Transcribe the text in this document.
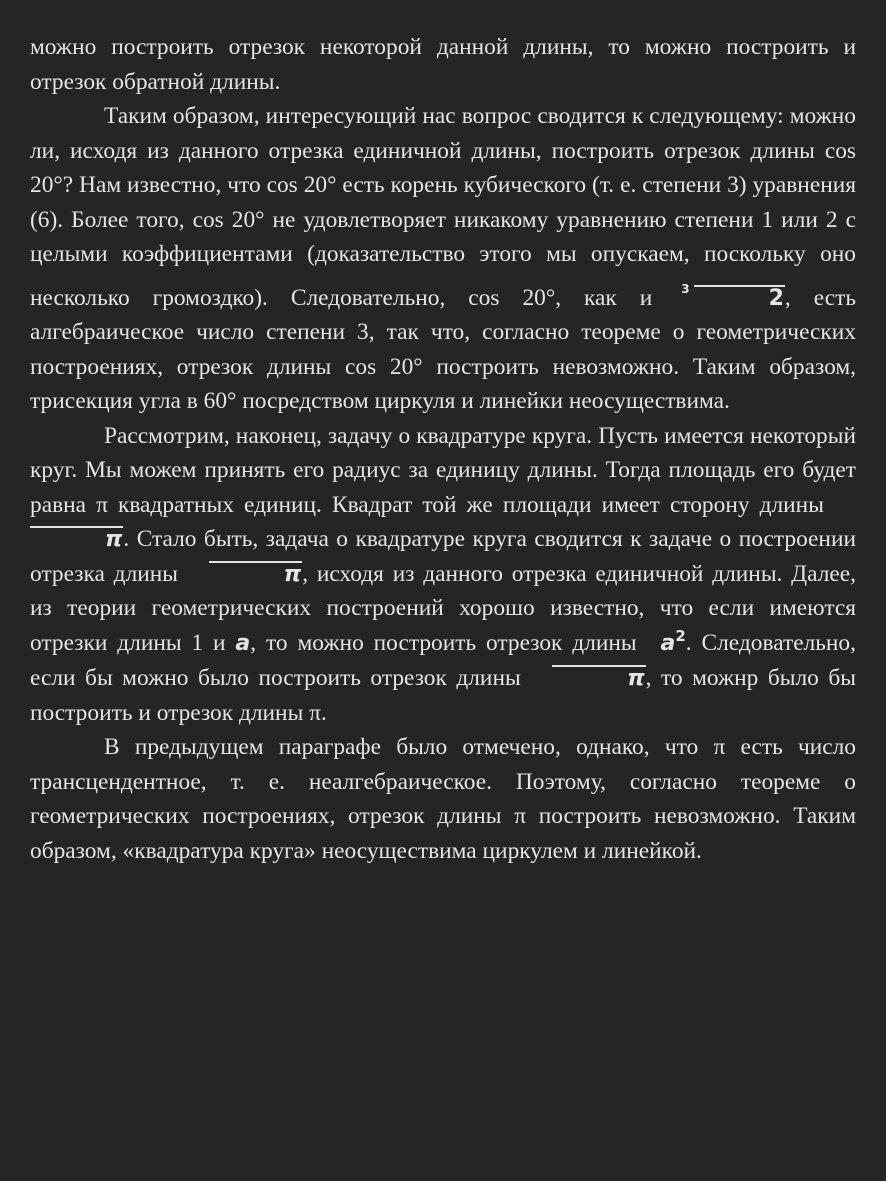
можно построить отрезок некоторой данной длины, то можно построить и отрезок обратной длины.

Таким образом, интересующий нас вопрос сводится к следующему: можно ли, исходя из данного отрезка единичной длины, построить отрезок длины cos 20°? Нам известно, что cos 20° есть корень кубического (т. е. степени 3) уравнения (6). Более того, cos 20° не удовлетворяет никакому уравнению степени 1 или 2 с целыми коэффициентами (доказательство этого мы опускаем, поскольку оно несколько громоздко). Следовательно, cos 20°, как и $^3$	2, есть алгебраическое число степени 3, так что, согласно теореме о геометрических построениях, отрезок длины cos 20° построить невозможно. Таким образом, трисекция угла в 60° посредством циркуля и линейки неосуществима.

Рассмотрим, наконец, задачу о квадратуре круга. Пусть имеется некоторый круг. Мы можем принять его радиус за единицу длины. Тогда площадь его будет равна π квадратных единиц. Квадрат той же площади имеет сторону длины π. Стало быть, задача о квадратуре круга сводится к задаче о построении отрезка длины	π, исходя из данного отрезка единичной длины. Далее, из теории геометрических построений хорошо известно, что если имеются отрезки длины 1 и a, то можно построить отрезок длины $a^2$. Следовательно, если бы можно было построить отрезок длины	π, то можнр было бы построить и отрезок длины π.

В предыдущем параграфе было отмечено, однако, что π есть число трансцендентное, т. е. неалгебраическое. Поэтому, согласно теореме о геометрических построениях, отрезок длины π построить невозможно. Таким образом, «квадратура круга» неосуществима циркулем и линейкой.
